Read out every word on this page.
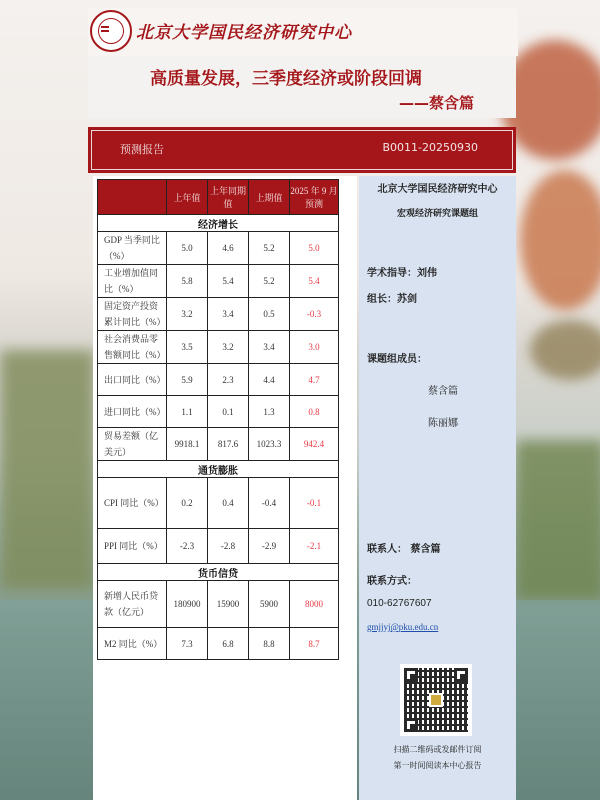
北京大学国民经济研究中心
高质量发展，三季度经济或阶段回调
——蔡含篇
预测报告	B0011-20250930
	上年值	上年同期值	上期值	2025 年 9 月预测
经济增长				
GDP 当季同比（%）	5.0	4.6	5.2	5.0
工业增加值同比（%）	5.8	5.4	5.2	5.4
固定资产投资累计同比（%）	3.2	3.4	0.5	-0.3
社会消费品零售额同比（%）	3.5	3.2	3.4	3.0
出口同比（%）	5.9	2.3	4.4	4.7
进口同比（%）	1.1	0.1	1.3	0.8
贸易差额（亿美元）	9918.1	817.6	1023.3	942.4
通货膨胀				
CPI 同比（%）	0.2	0.4	-0.4	-0.1
PPI 同比（%）	-2.3	-2.8	-2.9	-2.1
货币信贷				
新增人民币贷款（亿元）	180900	15900	5900	8000
M2 同比（%）	7.3	6.8	8.8	8.7
北京大学国民经济研究中心
宏观经济研究课题组
学术指导：刘伟
组长：苏剑
课题组成员：
蔡含篇
陈丽娜
联系人： 蔡含篇
联系方式：
010-62767607
gmjjyj@pku.edu.cn
扫描二维码或发邮件订阅
第一时间阅读本中心报告
